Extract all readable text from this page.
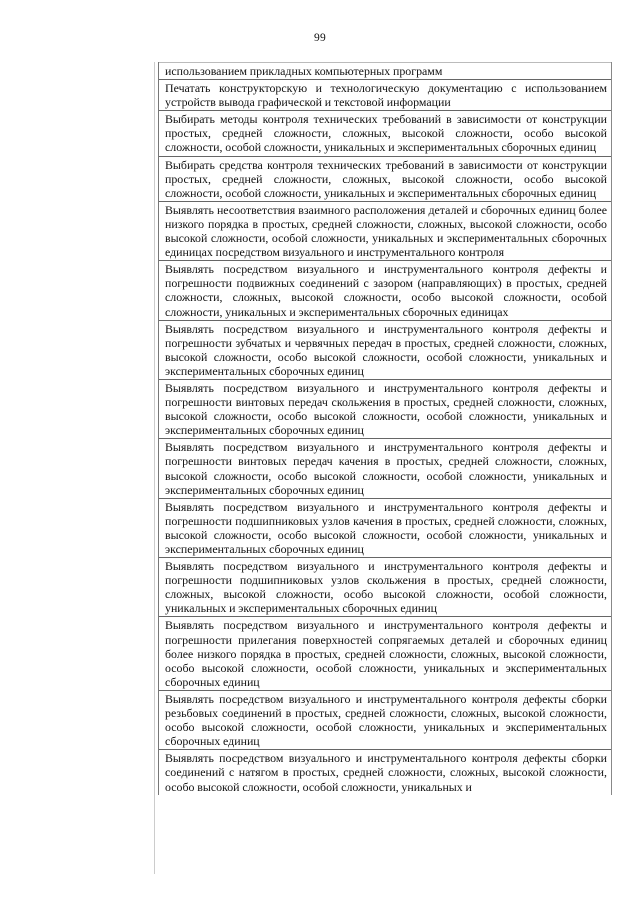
99
использованием прикладных компьютерных программ
Печатать конструкторскую и технологическую документацию с использованием устройств вывода графической и текстовой информации
Выбирать методы контроля технических требований в зависимости от конструкции простых, средней сложности, сложных, высокой сложности, особо высокой сложности, особой сложности, уникальных и экспериментальных сборочных единиц
Выбирать средства контроля технических требований в зависимости от конструкции простых, средней сложности, сложных, высокой сложности, особо высокой сложности, особой сложности, уникальных и экспериментальных сборочных единиц
Выявлять несоответствия взаимного расположения деталей и сборочных единиц более низкого порядка в простых, средней сложности, сложных, высокой сложности, особо высокой сложности, особой сложности, уникальных и экспериментальных сборочных единицах посредством визуального и инструментального контроля
Выявлять посредством визуального и инструментального контроля дефекты и погрешности подвижных соединений с зазором (направляющих) в простых, средней сложности, сложных, высокой сложности, особо высокой сложности, особой сложности, уникальных и экспериментальных сборочных единицах
Выявлять посредством визуального и инструментального контроля дефекты и погрешности зубчатых и червячных передач в простых, средней сложности, сложных, высокой сложности, особо высокой сложности, особой сложности, уникальных и экспериментальных сборочных единиц
Выявлять посредством визуального и инструментального контроля дефекты и погрешности винтовых передач скольжения в простых, средней сложности, сложных, высокой сложности, особо высокой сложности, особой сложности, уникальных и экспериментальных сборочных единиц
Выявлять посредством визуального и инструментального контроля дефекты и погрешности винтовых передач качения в простых, средней сложности, сложных, высокой сложности, особо высокой сложности, особой сложности, уникальных и экспериментальных сборочных единиц
Выявлять посредством визуального и инструментального контроля дефекты и погрешности подшипниковых узлов качения в простых, средней сложности, сложных, высокой сложности, особо высокой сложности, особой сложности, уникальных и экспериментальных сборочных единиц
Выявлять посредством визуального и инструментального контроля дефекты и погрешности подшипниковых узлов скольжения в простых, средней сложности, сложных, высокой сложности, особо высокой сложности, особой сложности, уникальных и экспериментальных сборочных единиц
Выявлять посредством визуального и инструментального контроля дефекты и погрешности прилегания поверхностей сопрягаемых деталей и сборочных единиц более низкого порядка в простых, средней сложности, сложных, высокой сложности, особо высокой сложности, особой сложности, уникальных и экспериментальных сборочных единиц
Выявлять посредством визуального и инструментального контроля дефекты сборки резьбовых соединений в простых, средней сложности, сложных, высокой сложности, особо высокой сложности, особой сложности, уникальных и экспериментальных сборочных единиц
Выявлять посредством визуального и инструментального контроля дефекты сборки соединений с натягом в простых, средней сложности, сложных, высокой сложности, особо высокой сложности, особой сложности, уникальных и
